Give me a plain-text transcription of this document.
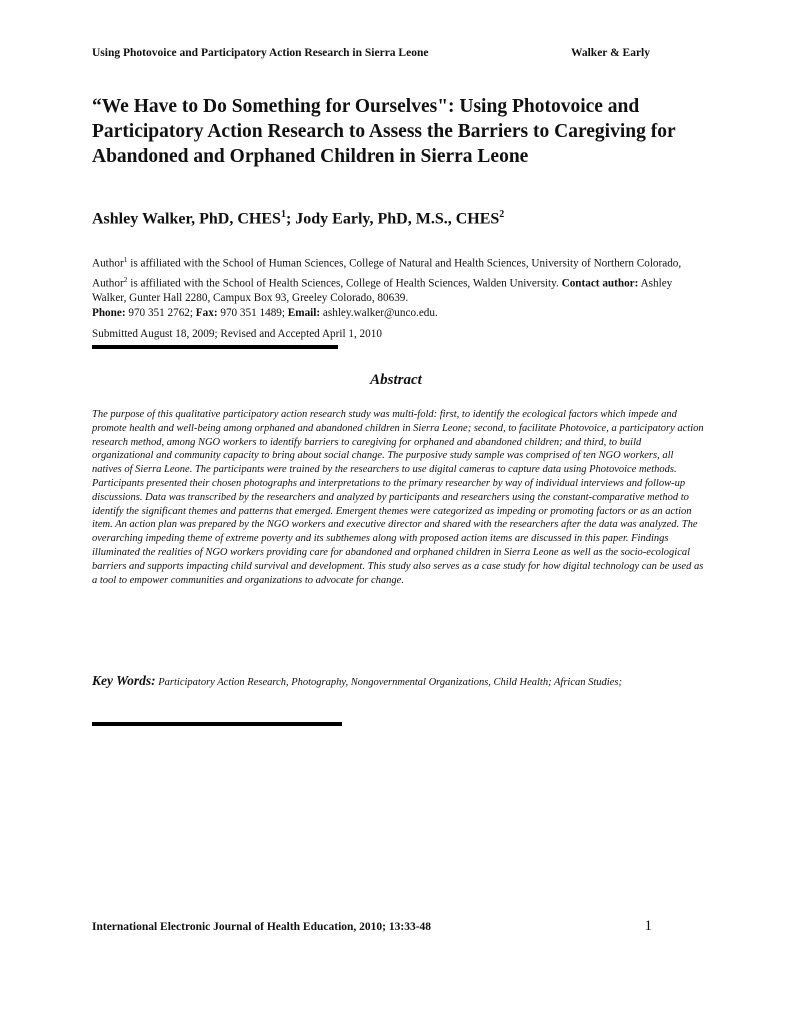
Using Photovoice and Participatory Action Research in Sierra Leone	Walker & Early
“We Have to Do Something for Ourselves": Using Photovoice and Participatory Action Research to Assess the Barriers to Caregiving for Abandoned and Orphaned Children in Sierra Leone
Ashley Walker, PhD, CHES$^1$; Jody Early, PhD, M.S., CHES$^2$
Author$^1$ is affiliated with the School of Human Sciences, College of Natural and Health Sciences, University of Northern Colorado, Author$^2$ is affiliated with the School of Health Sciences, College of Health Sciences, Walden University. Contact author: Ashley Walker, Gunter Hall 2280, Campux Box 93, Greeley Colorado, 80639.
Phone: 970 351 2762; Fax: 970 351 1489; Email: ashley.walker@unco.edu.
Submitted August 18, 2009; Revised and Accepted April 1, 2010
Abstract
The purpose of this qualitative participatory action research study was multi-fold: first, to identify the ecological factors which impede and promote health and well-being among orphaned and abandoned children in Sierra Leone; second, to facilitate Photovoice, a participatory action research method, among NGO workers to identify barriers to caregiving for orphaned and abandoned children; and third, to build organizational and community capacity to bring about social change. The purposive study sample was comprised of ten NGO workers, all natives of Sierra Leone. The participants were trained by the researchers to use digital cameras to capture data using Photovoice methods. Participants presented their chosen photographs and interpretations to the primary researcher by way of individual interviews and follow-up discussions. Data was transcribed by the researchers and analyzed by participants and researchers using the constant-comparative method to identify the significant themes and patterns that emerged. Emergent themes were categorized as impeding or promoting factors or as an action item. An action plan was prepared by the NGO workers and executive director and shared with the researchers after the data was analyzed. The overarching impeding theme of extreme poverty and its subthemes along with proposed action items are discussed in this paper. Findings illuminated the realities of NGO workers providing care for abandoned and orphaned children in Sierra Leone as well as the socio-ecological barriers and supports impacting child survival and development. This study also serves as a case study for how digital technology can be used as a tool to empower communities and organizations to advocate for change.
Key Words: Participatory Action Research, Photography, Nongovernmental Organizations, Child Health; African Studies;
International Electronic Journal of Health Education, 2010; 13:33-48	1
